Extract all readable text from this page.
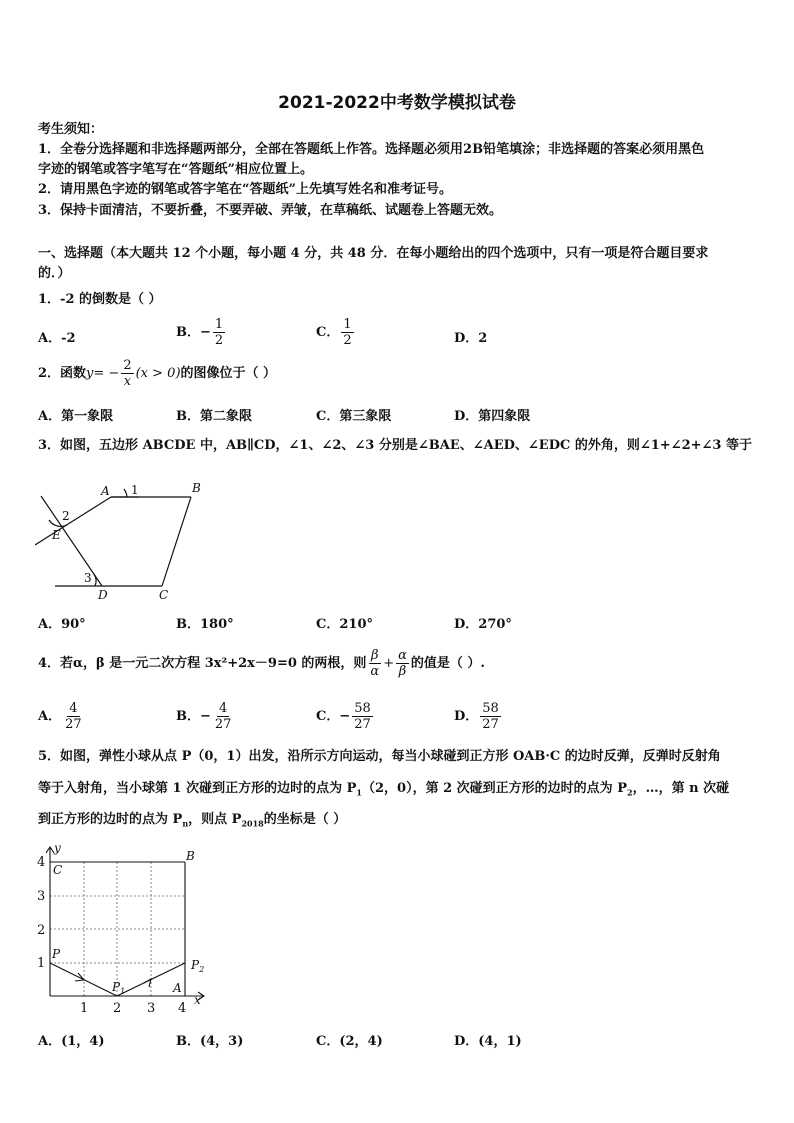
2021-2022中考数学模拟试卷
考生须知：
1．全卷分选择题和非选择题两部分，全部在答题纸上作答。选择题必须用2B铅笔填涂；非选择题的答案必须用黑色
字迹的钢笔或答字笔写在“答题纸”相应位置上。
2．请用黑色字迹的钢笔或答字笔在“答题纸”上先填写姓名和准考证号。
3．保持卡面清洁，不要折叠，不要弄破、弄皱，在草稿纸、试题卷上答题无效。
一、选择题（本大题共 12 个小题，每小题 4 分，共 48 分．在每小题给出的四个选项中，只有一项是符合题目要求
的．）
1．-2 的倒数是（ ）
A．-2	B．− $\frac{1}{2}$	C． $\frac{1}{2}$	D．2
2．函数$y= - \frac{2}{x} (x > 0)$的图像位于（ ）
A．第一象限	B．第二象限	C．第三象限	D．第四象限
3．如图，五边形 ABCDE 中，AB∥CD，∠1、∠2、∠3 分别是∠BAE、∠AED、∠EDC 的外角，则∠1+∠2+∠3 等于
A	B
C
D
E
1
2
3
A．90°	B．180°	C．210°	D．270°
4．若α，β 是一元二次方程 3x²+2x－9=0 的两根，则 $\frac{\beta}{\alpha} + \frac{\alpha}{\beta}$ 的值是（ ）.
A． $\frac{4}{27}$	B．− $\frac{4}{27}$	C．− $\frac{58}{27}$	D． $\frac{58}{27}$
5．如图，弹性小球从点 P（0，1）出发，沿所示方向运动，每当小球碰到正方形 OAB·C 的边时反弹，反弹时反射角
等于入射角，当小球第 1 次碰到正方形的边时的点为 $P_1(2$，0），第 2 次碰到正方形的边时的点为 $P_2$，…，第 n 次碰
到正方形的边时的点为 $P_n$，则点 $P_{2018}$的坐标是（ ）
1 2 3 4
1
2
3
4
y
x
C
B
A
P
$P_1$
$P_2$
A．(1，4)	B．(4，3)	C．(2，4)	D．(4，1)
